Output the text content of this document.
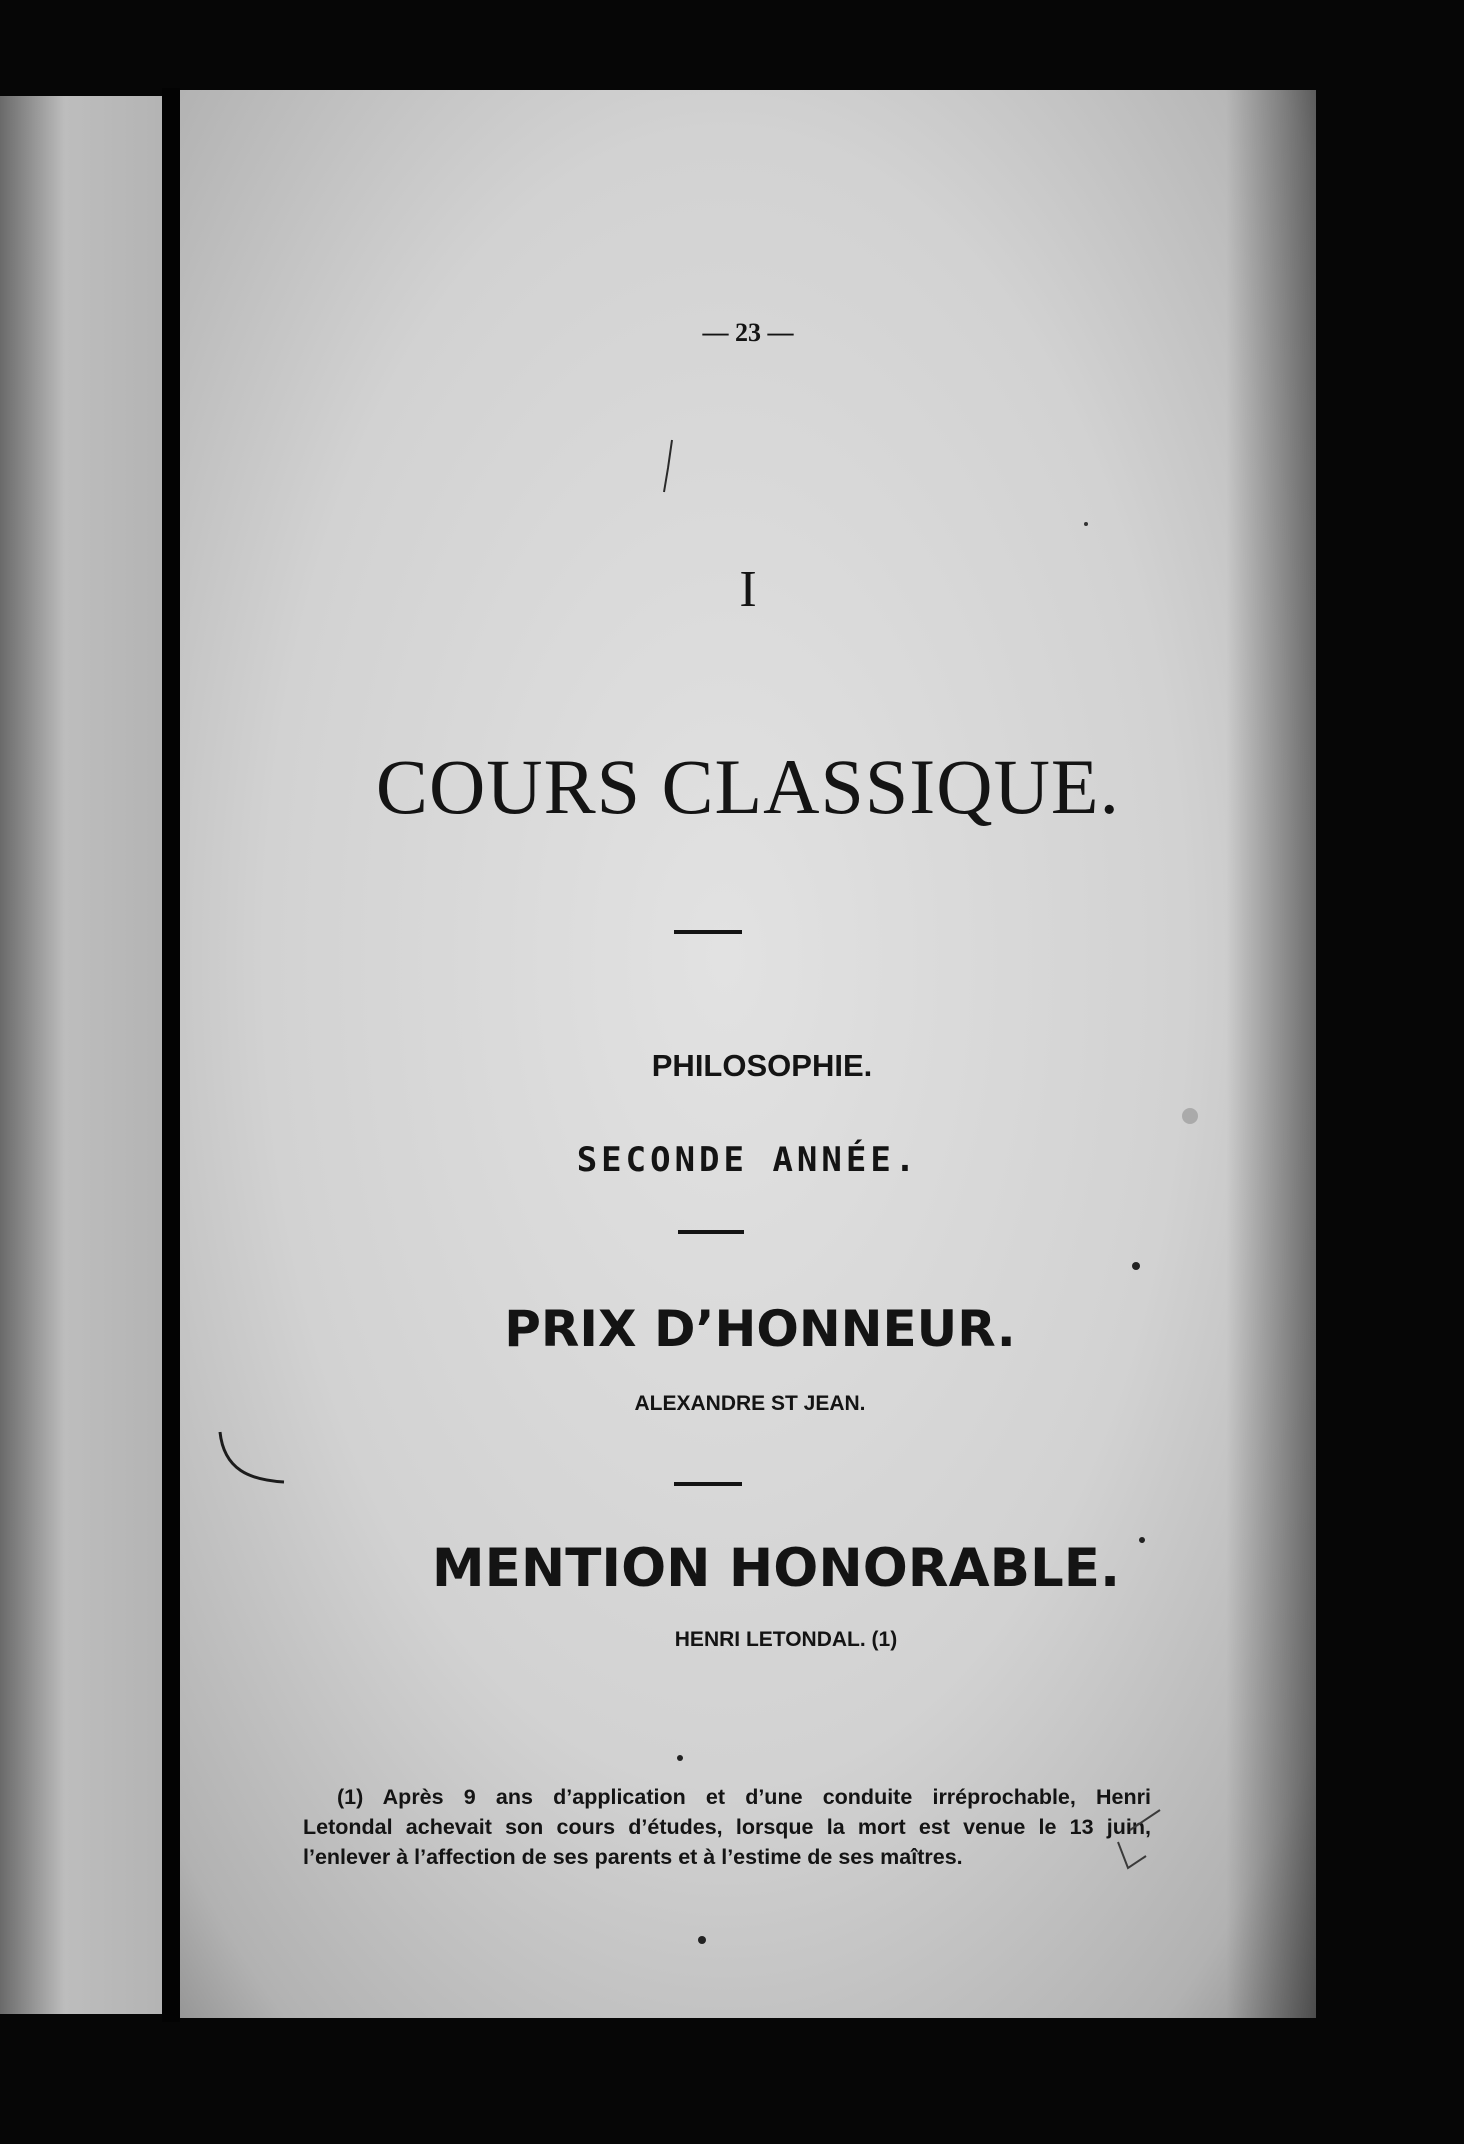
— 23 —
I
COURS CLASSIQUE.
PHILOSOPHIE.
SECONDE ANNÉE.
PRIX D’HONNEUR.
ALEXANDRE ST JEAN.
MENTION HONORABLE.
HENRI LETONDAL. (1)
(1) Après 9 ans d’application et d’une conduite irréprochable, Henri
Letondal achevait son cours d’études, lorsque la mort est venue le 13 juin,
l’enlever à l’affection de ses parents et à l’estime de ses maîtres.
